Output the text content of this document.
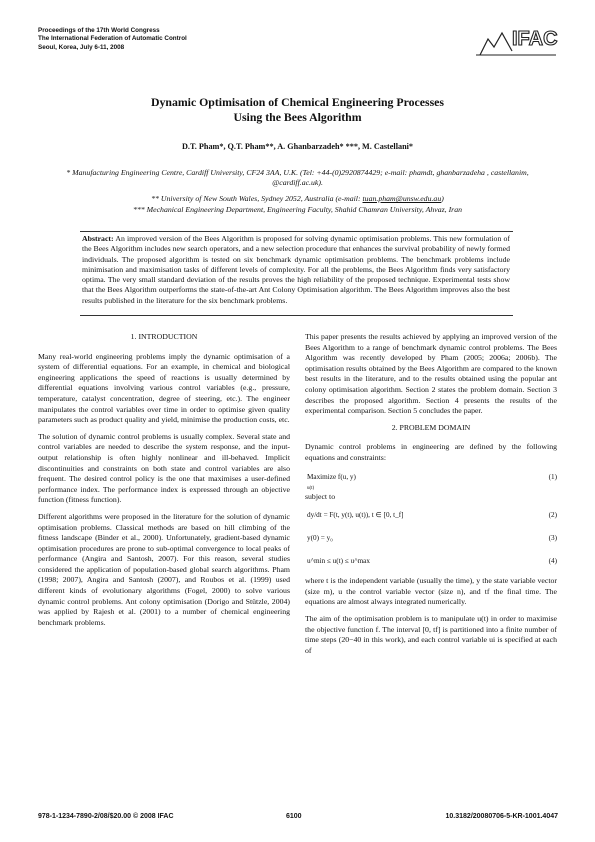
Proceedings of the 17th World Congress
The International Federation of Automatic Control
Seoul, Korea, July 6-11, 2008	IFAC
Dynamic Optimisation of Chemical Engineering Processes
Using the Bees Algorithm
D.T. Pham*, Q.T. Pham**, A. Ghanbarzadeh* ***, M. Castellani*
* Manufacturing Engineering Centre, Cardiff University, CF24 3AA, U.K. (Tel: +44-(0)2920874429; e-mail: phamdt, ghanbarzadeha , castellanim, @cardiff.ac.uk).
** University of New South Wales, Sydney 2052, Australia (e-mail: tuan.pham@unsw.edu.au)
*** Mechanical Engineering Department, Engineering Faculty, Shahid Chamran University, Ahvaz, Iran
Abstract: An improved version of the Bees Algorithm is proposed for solving dynamic optimisation problems. This new formulation of the Bees Algorithm includes new search operators, and a new selection procedure that enhances the survival probability of newly formed individuals. The proposed algorithm is tested on six benchmark dynamic optimisation problems. The benchmark problems include minimisation and maximisation tasks of different levels of complexity. For all the problems, the Bees Algorithm finds very satisfactory optima. The very small standard deviation of the results proves the high reliability of the proposed technique. Experimental tests show that the Bees Algorithm outperforms the state-of-the-art Ant Colony Optimisation algorithm. The Bees Algorithm improves also the best results published in the literature for the six benchmark problems.
1. INTRODUCTION

Many real-world engineering problems imply the dynamic optimisation of a system of differential equations. For an example, in chemical and biological engineering applications the speed of reactions is usually determined by differential equations involving various control variables (e.g., pressure, temperature, catalyst concentration, degree of steering, etc.). The engineer manipulates the control variables over time in order to optimise given quality parameters such as product quality and yield, minimise the production costs, etc.

The solution of dynamic control problems is usually complex. Several state and control variables are needed to describe the system response, and the input-output relationship is often highly nonlinear and ill-behaved. Implicit discontinuities and constraints on both state and control variables are also frequent. The desired control policy is the one that maximises a user-defined performance index. The performance index is expressed through an objective function (fitness function).

Different algorithms were proposed in the literature for the solution of dynamic optimisation problems. Classical methods are based on hill climbing of the fitness landscape (Binder et al., 2000). Unfortunately, gradient-based dynamic optimisation procedures are prone to sub-optimal convergence to local peaks of performance (Angira and Santosh, 2007). For this reason, several studies considered the application of population-based global search algorithms. Pham (1998; 2007), Angira and Santosh (2007), and Roubos et al. (1999) used different kinds of evolutionary algorithms (Fogel, 2000) to solve various dynamic control problems. Ant colony optimisation (Dorigo and Stützle, 2004) was applied by Rajesh et al. (2001) to a number of chemical engineering benchmark problems.

This paper presents the results achieved by applying an improved version of the Bees Algorithm to a range of benchmark dynamic control problems. The Bees Algorithm was recently developed by Pham (2005; 2006a; 2006b). The optimisation results obtained by the Bees Algorithm are compared to the known best results in the literature, and to the results obtained using the popular ant colony optimisation algorithm. Section 2 states the problem domain. Section 3 describes the proposed algorithm. Section 4 presents the results of the experimental comparison. Section 5 concludes the paper.

2. PROBLEM DOMAIN

Dynamic control problems in engineering are defined by the following equations and constraints:

Maximize f(u, y)
u(t)
(1)

subject to

dy/dt = F(t, y(t), u(t)), t ∈ [0, t_f]	(2)
y(0) = y₀	(3)
u^min ≤ u(t) ≤ u^max	(4)

where t is the independent variable (usually the time), y the state variable vector (size m), u the control variable vector (size n), and tf the final time. The equations are almost always integrated numerically.

The aim of the optimisation problem is to manipulate u(t) in order to maximise the objective function f. The interval [0, tf] is partitioned into a finite number of time steps (20−40 in this work), and each control variable ui is specified at each of

978-1-1234-7890-2/08/$20.00 © 2008 IFAC	6100	10.3182/20080706-5-KR-1001.4047
